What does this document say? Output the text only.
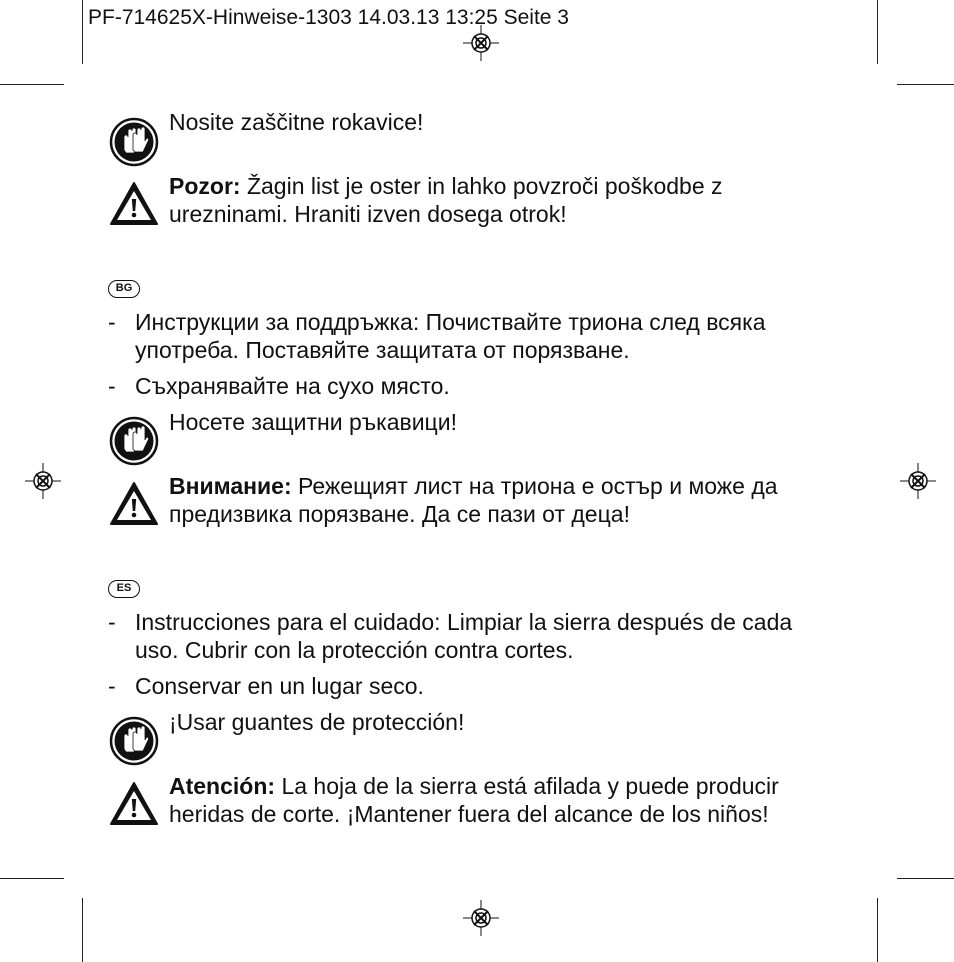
PF-714625X-Hinweise-1303 14.03.13 13:25 Seite 3
Nosite zaščitne rokavice!
Pozor: Žagin list je oster in lahko povzroči poškodbe z
urezninami. Hraniti izven dosega otrok!
BG
- Инструкции за поддръжка: Почиствайте триона след всяка
употреба. Поставяйте защитата от порязване.
- Съхранявайте на сухо място.
Носете защитни ръкавици!
Внимание: Режещият лист на триона е остър и може да
предизвика порязване. Да се пази от деца!
ES
- Instrucciones para el cuidado: Limpiar la sierra después de cada
uso. Cubrir con la protección contra cortes.
- Conservar en un lugar seco.
¡Usar guantes de protección!
Atención: La hoja de la sierra está afilada y puede producir
heridas de corte. ¡Mantener fuera del alcance de los niños!
